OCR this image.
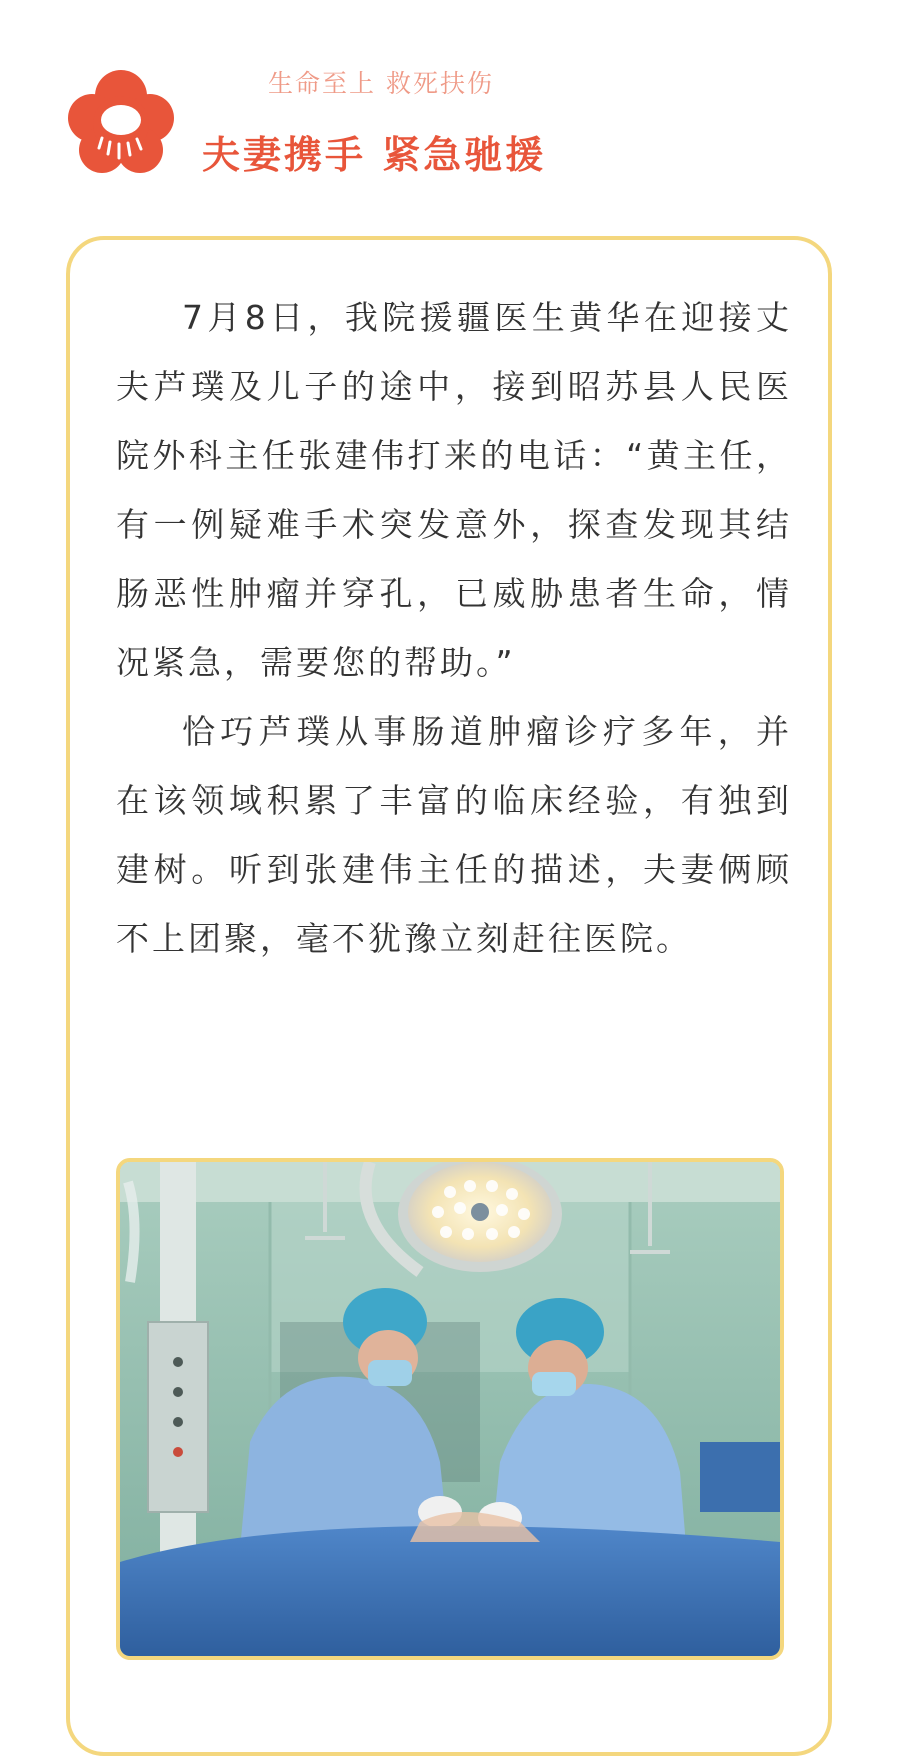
生命至上 救死扶伤
夫妻携手 紧急驰援

7月8日，我院援疆医生黄华在迎接丈夫芦璞及儿子的途中，接到昭苏县人民医院外科主任张建伟打来的电话：“黄主任，有一例疑难手术突发意外，探查发现其结肠恶性肿瘤并穿孔，已威胁患者生命，情况紧急，需要您的帮助。”

恰巧芦璞从事肠道肿瘤诊疗多年，并在该领域积累了丰富的临床经验，有独到建树。听到张建伟主任的描述，夫妻俩顾不上团聚，毫不犹豫立刻赶往医院。
